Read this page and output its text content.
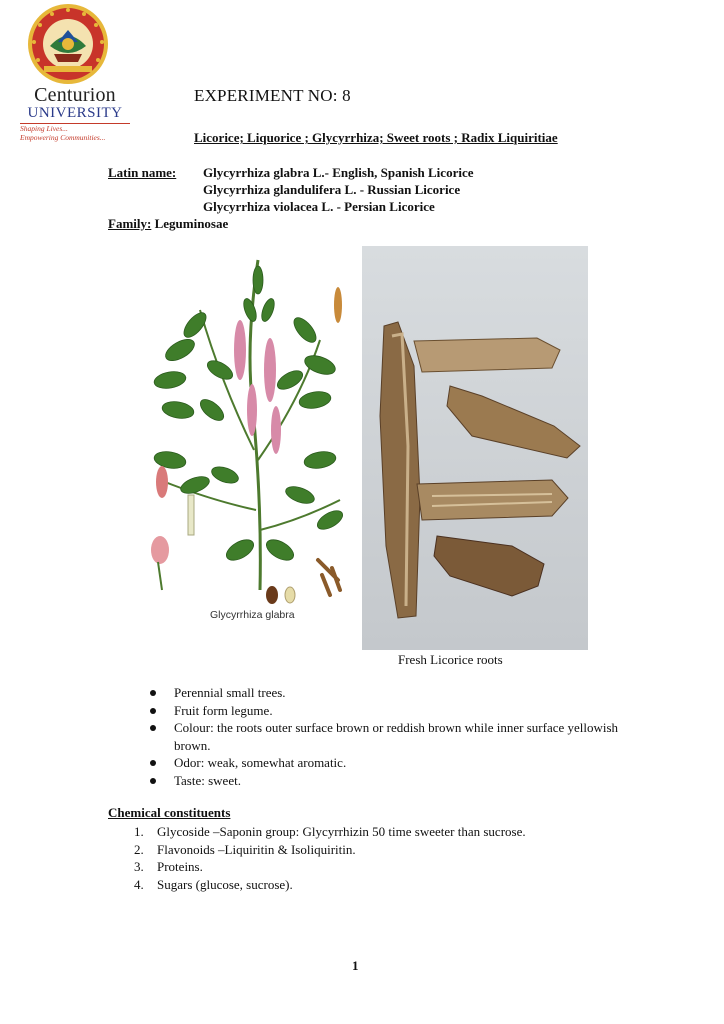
Centurion
UNIVERSITY
Shaping Lives...
Empowering Communities...
EXPERIMENT NO: 8
Licorice; Liquorice ; Glycyrrhiza; Sweet roots ; Radix Liquiritiae
Latin name: Glycyrrhiza glabra L.- English, Spanish Licorice
Glycyrrhiza glandulifera L. - Russian Licorice
Glycyrrhiza violacea L. - Persian Licorice
Family: Leguminosae
Glycyrrhiza glabra
Fresh Licorice roots
Perennial small trees.
Fruit form legume.
Colour: the roots outer surface brown or reddish brown while inner surface yellowish brown.
Odor: weak, somewhat aromatic.
Taste: sweet.
Chemical constituents
1. Glycoside –Saponin group: Glycyrrhizin 50 time sweeter than sucrose.
2. Flavonoids –Liquiritin & Isoliquiritin.
3. Proteins.
4. Sugars (glucose, sucrose).
1
